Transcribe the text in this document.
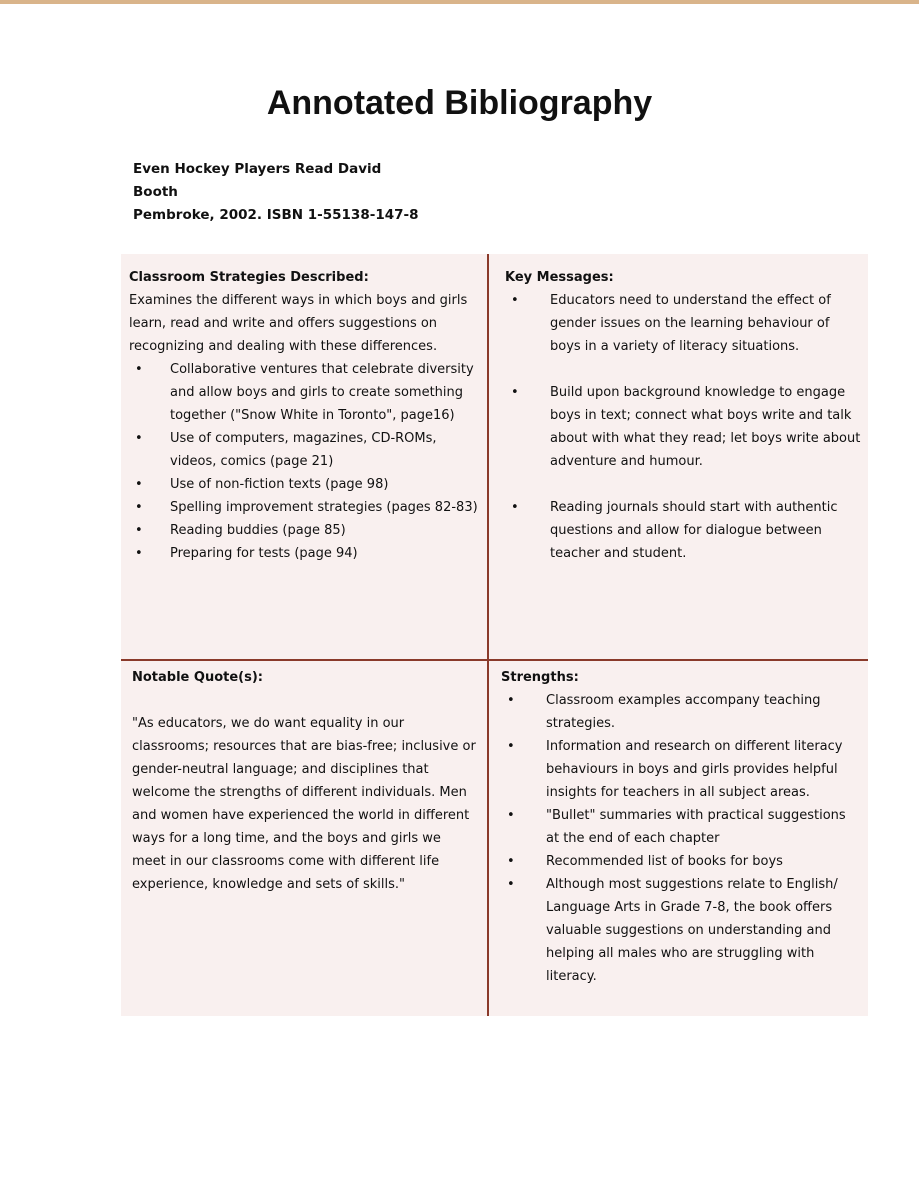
Annotated Bibliography
Even Hockey Players Read David
Booth
Pembroke, 2002. ISBN 1-55138-147-8
Classroom Strategies Described:
Examines the different ways in which boys and girls learn, read and write and offers suggestions on recognizing and dealing with these differences.
• Collaborative ventures that celebrate diversity and allow boys and girls to create something together ("Snow White in Toronto", page16)
• Use of computers, magazines, CD-ROMs, videos, comics (page 21)
• Use of non-fiction texts (page 98)
• Spelling improvement strategies (pages 82-83)
• Reading buddies (page 85)
• Preparing for tests (page 94)
Key Messages:
• Educators need to understand the effect of gender issues on the learning behaviour of boys in a variety of literacy situations.
• Build upon background knowledge to engage boys in text; connect what boys write and talk about with what they read; let boys write about adventure and humour.
• Reading journals should start with authentic questions and allow for dialogue between teacher and student.
Notable Quote(s):
"As educators, we do want equality in our classrooms; resources that are bias-free; inclusive or gender-neutral language; and disciplines that welcome the strengths of different individuals. Men and women have experienced the world in different ways for a long time, and the boys and girls we meet in our classrooms come with different life experience, knowledge and sets of skills."
Strengths:
• Classroom examples accompany teaching strategies.
• Information and research on different literacy behaviours in boys and girls provides helpful insights for teachers in all subject areas.
• "Bullet" summaries with practical suggestions at the end of each chapter
• Recommended list of books for boys
• Although most suggestions relate to English/ Language Arts in Grade 7-8, the book offers valuable suggestions on understanding and helping all males who are struggling with literacy.
